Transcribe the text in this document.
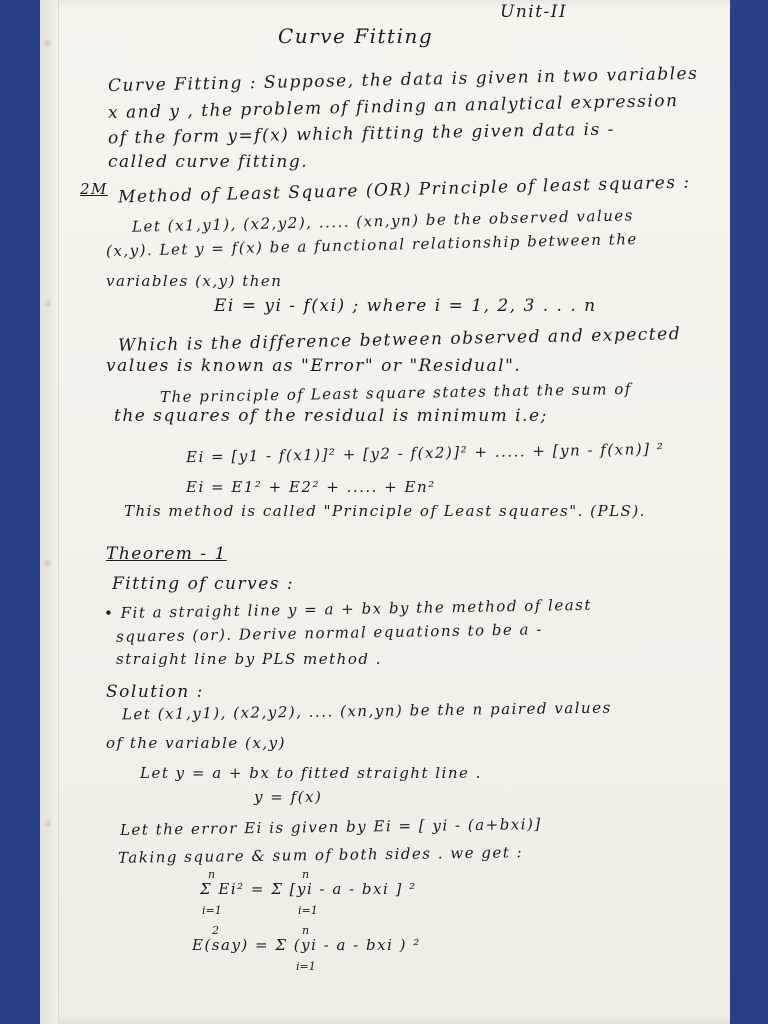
Unit-II
Curve Fitting
Curve Fitting : Suppose, the data is given in two variables
x and y , the problem of finding an analytical expression
of the form y=f(x) which fitting the given data is -
called curve fitting.
2M Method of Least Square (OR) Principle of least squares :
Let (x1,y1), (x2,y2), ..... (xn,yn) be the observed values
(x,y). Let y = f(x) be a functional relationship between the
variables (x,y) then
Ei = yi - f(xi) ; where i = 1, 2, 3 . . . n
Which is the difference between observed and expected
values is known as "Error" or "Residual".
The principle of Least square states that the sum of
the squares of the residual is minimum i.e;
Ei = [y1 - f(x1)]² + [y2 - f(x2)]² + ..... + [yn - f(xn)] ²
Ei = E1² + E2² + ..... + En²
This method is called "Principle of Least squares". (PLS).
Theorem - 1
Fitting of curves :
• Fit a straight line y = a + bx by the method of least
squares (or). Derive normal equations to be a -
straight line by PLS method .
Solution :
Let (x1,y1), (x2,y2), .... (xn,yn) be the n paired values
of the variable (x,y)
Let y = a + bx to fitted straight line .
y = f(x)
Let the error Ei is given by Ei = [ yi - (a+bxi)]
Taking square & sum of both sides . we get :
Σ Ei² = Σ [yi - a - bxi ] ²
n
i=1
n
i=1
E(say) = Σ (yi - a - bxi ) ²
2	n
i=1
